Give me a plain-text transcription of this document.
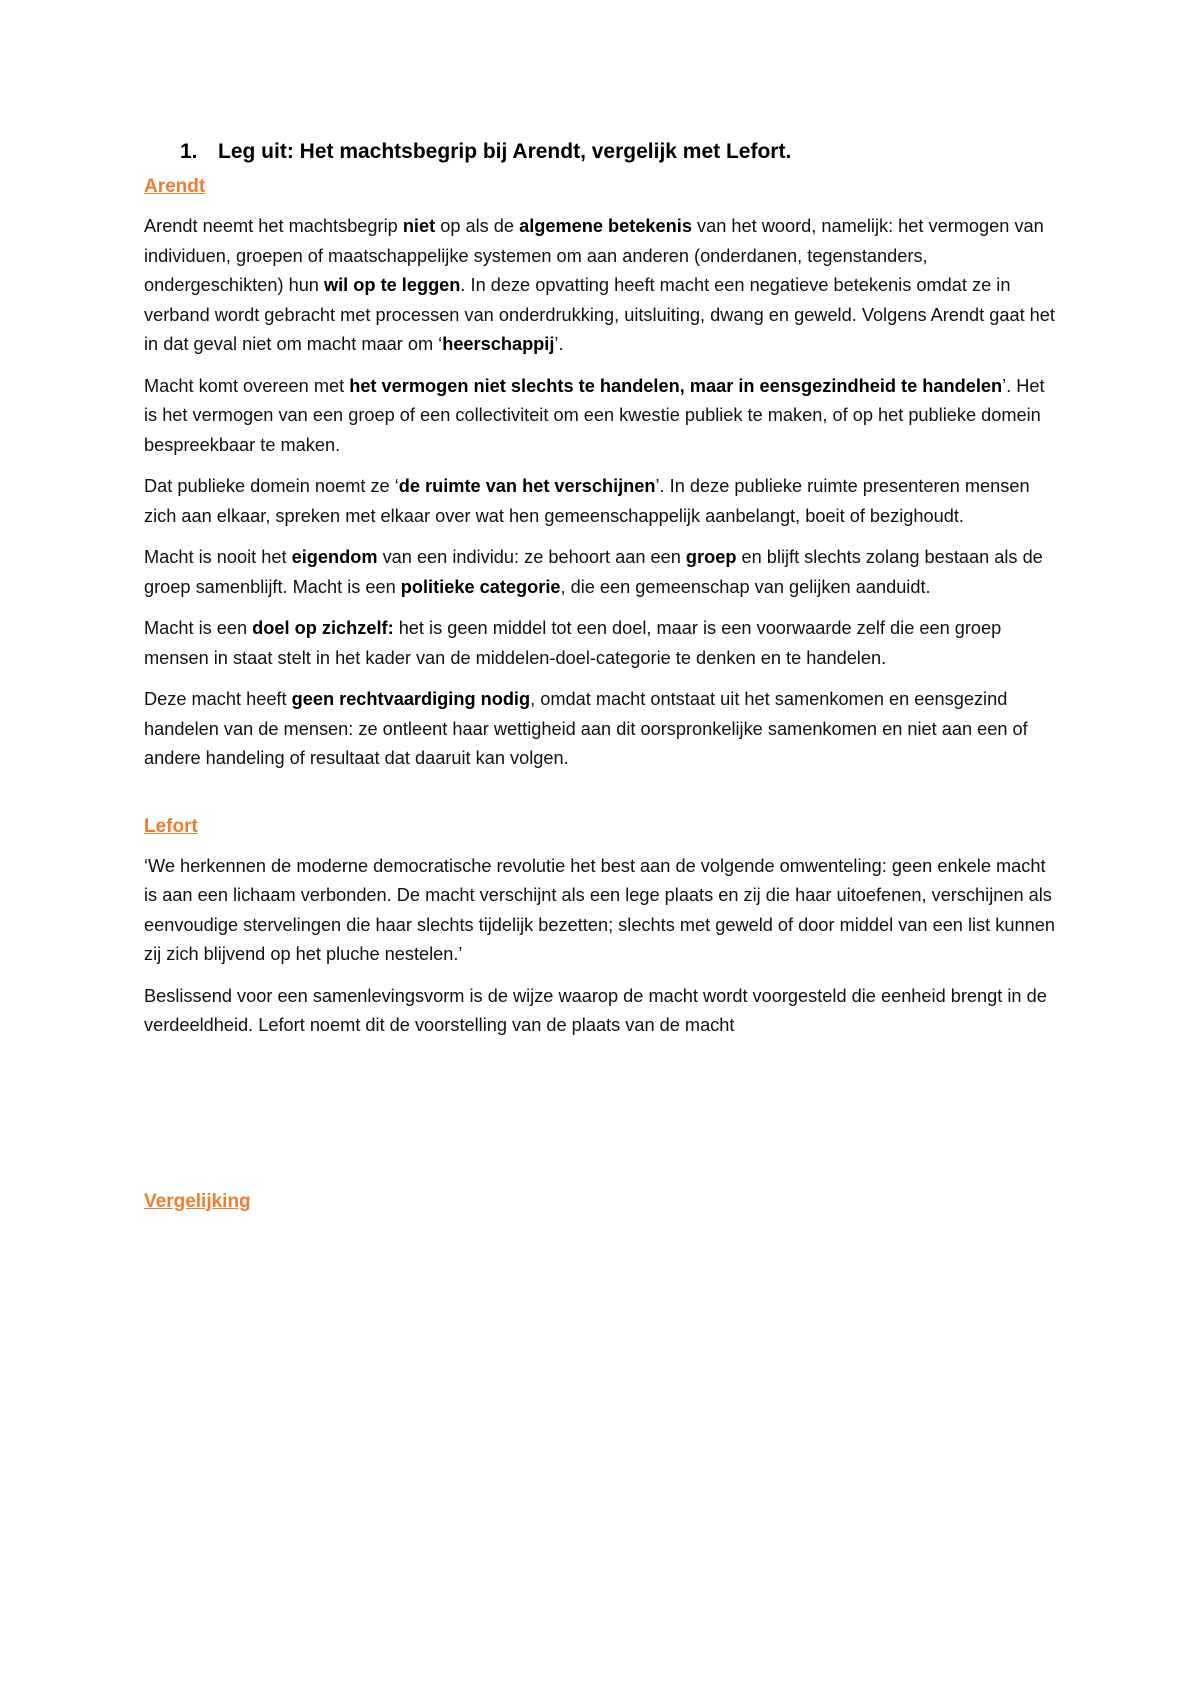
1. Leg uit: Het machtsbegrip bij Arendt, vergelijk met Lefort.
Arendt

Arendt neemt het machtsbegrip niet op als de algemene betekenis van het woord, namelijk: het vermogen van individuen, groepen of maatschappelijke systemen om aan anderen (onderdanen, tegenstanders, ondergeschikten) hun wil op te leggen. In deze opvatting heeft macht een negatieve betekenis omdat ze in verband wordt gebracht met processen van onderdrukking, uitsluiting, dwang en geweld. Volgens Arendt gaat het in dat geval niet om macht maar om ‘heerschappij’.

Macht komt overeen met het vermogen niet slechts te handelen, maar in eensgezindheid te handelen’. Het is het vermogen van een groep of een collectiviteit om een kwestie publiek te maken, of op het publieke domein bespreekbaar te maken.

Dat publieke domein noemt ze ‘de ruimte van het verschijnen’. In deze publieke ruimte presenteren mensen zich aan elkaar, spreken met elkaar over wat hen gemeenschappelijk aanbelangt, boeit of bezighoudt.

Macht is nooit het eigendom van een individu: ze behoort aan een groep en blijft slechts zolang bestaan als de groep samenblijft. Macht is een politieke categorie, die een gemeenschap van gelijken aanduidt.

Macht is een doel op zichzelf: het is geen middel tot een doel, maar is een voorwaarde zelf die een groep mensen in staat stelt in het kader van de middelen-doel-categorie te denken en te handelen.

Deze macht heeft geen rechtvaardiging nodig, omdat macht ontstaat uit het samenkomen en eensgezind handelen van de mensen: ze ontleent haar wettigheid aan dit oorspronkelijke samenkomen en niet aan een of andere handeling of resultaat dat daaruit kan volgen.

Lefort

‘We herkennen de moderne democratische revolutie het best aan de volgende omwenteling: geen enkele macht is aan een lichaam verbonden. De macht verschijnt als een lege plaats en zij die haar uitoefenen, verschijnen als eenvoudige stervelingen die haar slechts tijdelijk bezetten; slechts met geweld of door middel van een list kunnen zij zich blijvend op het pluche nestelen.’

Beslissend voor een samenlevingsvorm is de wijze waarop de macht wordt voorgesteld die eenheid brengt in de verdeeldheid. Lefort noemt dit de voorstelling van de plaats van de macht

Vergelijking
